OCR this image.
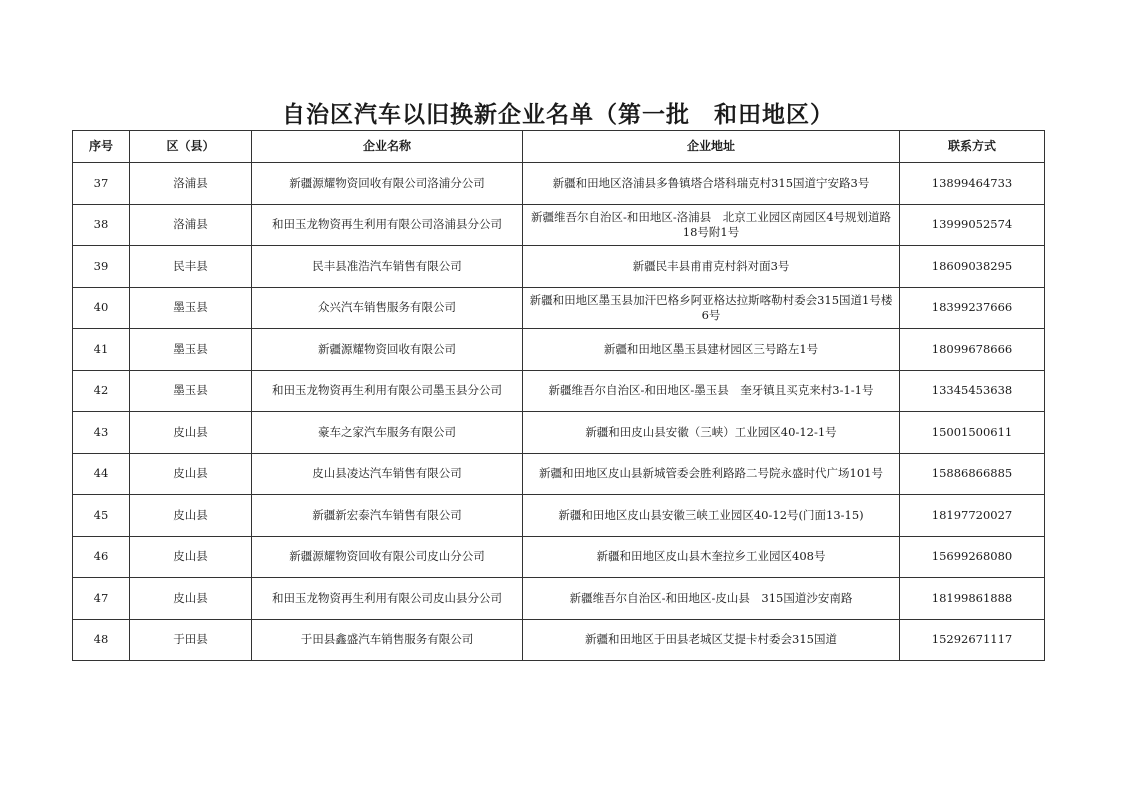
自治区汽车以旧换新企业名单（第一批　和田地区）
序号	区（县）	企业名称	企业地址	联系方式
37	洛浦县	新疆源耀物资回收有限公司洛浦分公司	新疆和田地区洛浦县多鲁镇塔合塔科瑞克村315国道宁安路3号	13899464733
38	洛浦县	和田玉龙物资再生利用有限公司洛浦县分公司	新疆维吾尔自治区-和田地区-洛浦县　北京工业园区南园区4号规划道路18号附1号	13999052574
39	民丰县	民丰县准浩汽车销售有限公司	新疆民丰县甫甫克村斜对面3号	18609038295
40	墨玉县	众兴汽车销售服务有限公司	新疆和田地区墨玉县加汗巴格乡阿亚格达拉斯喀勒村委会315国道1号楼6号	18399237666
41	墨玉县	新疆源耀物资回收有限公司	新疆和田地区墨玉县建材园区三号路左1号	18099678666
42	墨玉县	和田玉龙物资再生利用有限公司墨玉县分公司	新疆维吾尔自治区-和田地区-墨玉县　奎牙镇且买克来村3-1-1号	13345453638
43	皮山县	豪车之家汽车服务有限公司	新疆和田皮山县安徽（三峡）工业园区40-12-1号	15001500611
44	皮山县	皮山县凌达汽车销售有限公司	新疆和田地区皮山县新城管委会胜利路路二号院永盛时代广场101号	15886866885
45	皮山县	新疆新宏泰汽车销售有限公司	新疆和田地区皮山县安徽三峡工业园区40-12号(门面13-15)	18197720027
46	皮山县	新疆源耀物资回收有限公司皮山分公司	新疆和田地区皮山县木奎拉乡工业园区408号	15699268080
47	皮山县	和田玉龙物资再生利用有限公司皮山县分公司	新疆维吾尔自治区-和田地区-皮山县　315国道沙安南路	18199861888
48	于田县	于田县鑫盛汽车销售服务有限公司	新疆和田地区于田县老城区艾提卡村委会315国道	15292671117
